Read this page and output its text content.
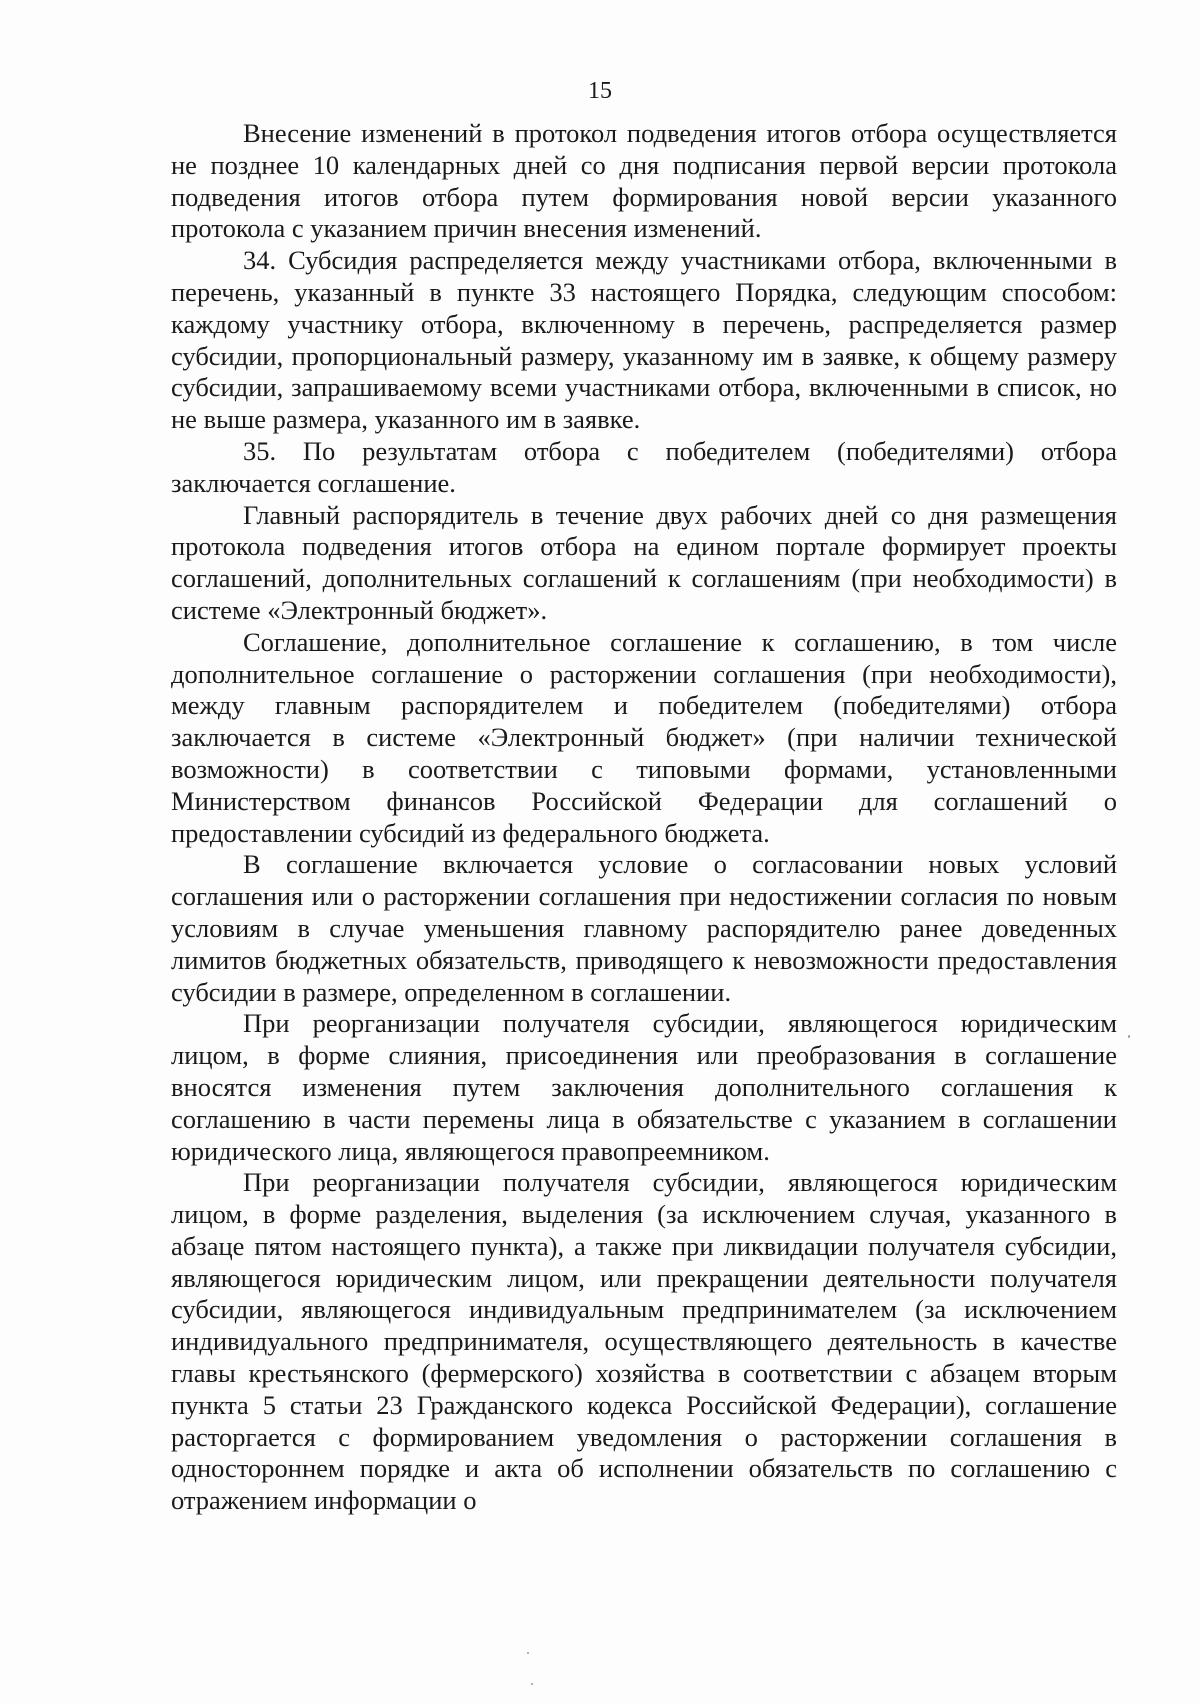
15

Внесение изменений в протокол подведения итогов отбора осуществляется не позднее 10 календарных дней со дня подписания первой версии протокола подведения итогов отбора путем формирования новой версии указанного протокола с указанием причин внесения изменений.

34. Субсидия распределяется между участниками отбора, включенными в перечень, указанный в пункте 33 настоящего Порядка, следующим способом: каждому участнику отбора, включенному в перечень, распределяется размер субсидии, пропорциональный размеру, указанному им в заявке, к общему размеру субсидии, запрашиваемому всеми участниками отбора, включенными в список, но не выше размера, указанного им в заявке.

35. По результатам отбора с победителем (победителями) отбора заключается соглашение.

Главный распорядитель в течение двух рабочих дней со дня размещения протокола подведения итогов отбора на едином портале формирует проекты соглашений, дополнительных соглашений к соглашениям (при необходимости) в системе «Электронный бюджет».

Соглашение, дополнительное соглашение к соглашению, в том числе дополнительное соглашение о расторжении соглашения (при необходимости), между главным распорядителем и победителем (победителями) отбора заключается в системе «Электронный бюджет» (при наличии технической возможности) в соответствии с типовыми формами, установленными Министерством финансов Российской Федерации для соглашений о предоставлении субсидий из федерального бюджета.

В соглашение включается условие о согласовании новых условий соглашения или о расторжении соглашения при недостижении согласия по новым условиям в случае уменьшения главному распорядителю ранее доведенных лимитов бюджетных обязательств, приводящего к невозможности предоставления субсидии в размере, определенном в соглашении.

При реорганизации получателя субсидии, являющегося юридическим лицом, в форме слияния, присоединения или преобразования в соглашение вносятся изменения путем заключения дополнительного соглашения к соглашению в части перемены лица в обязательстве с указанием в соглашении юридического лица, являющегося правопреемником.

При реорганизации получателя субсидии, являющегося юридическим лицом, в форме разделения, выделения (за исключением случая, указанного в абзаце пятом настоящего пункта), а также при ликвидации получателя субсидии, являющегося юридическим лицом, или прекращении деятельности получателя субсидии, являющегося индивидуальным предпринимателем (за исключением индивидуального предпринимателя, осуществляющего деятельность в качестве главы крестьянского (фермерского) хозяйства в соответствии с абзацем вторым пункта 5 статьи 23 Гражданского кодекса Российской Федерации), соглашение расторгается с формированием уведомления о расторжении соглашения в одностороннем порядке и акта об исполнении обязательств по соглашению с отражением информации о
